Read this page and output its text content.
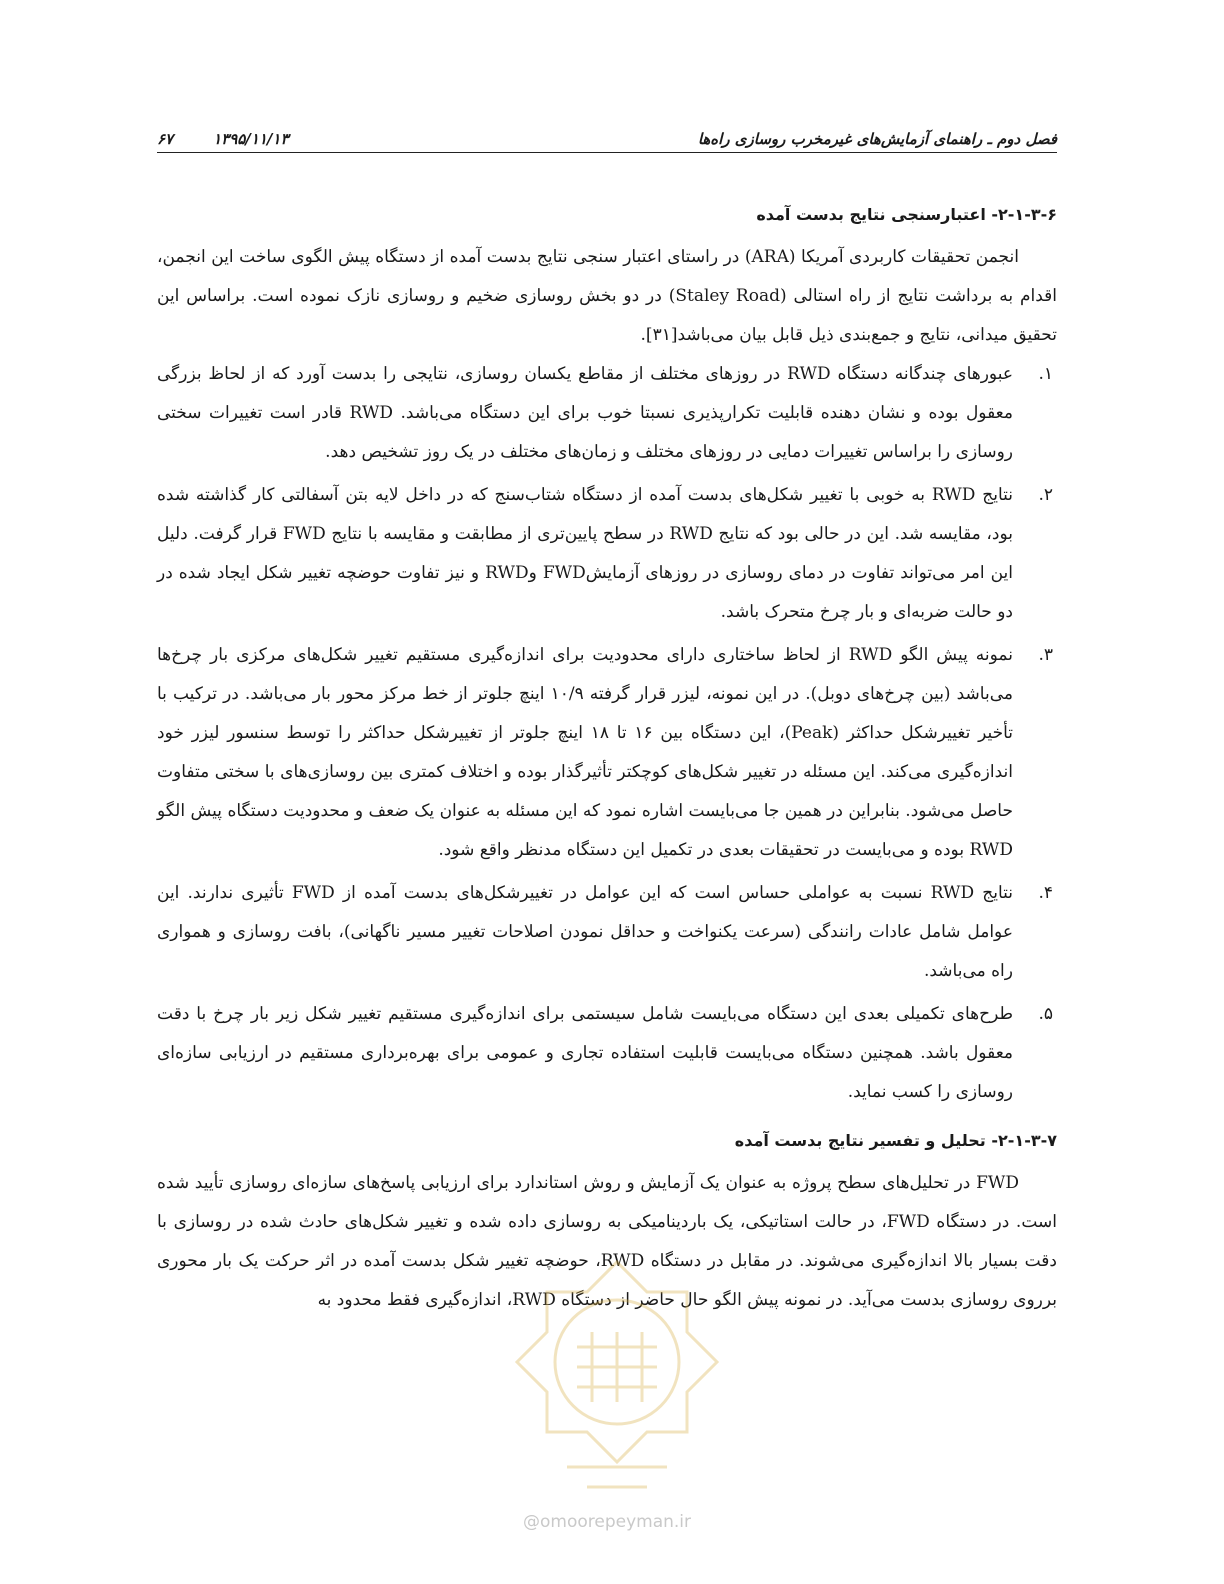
فصل دوم ـ راهنمای آزمایش‌های غیرمخرب روسازی راه‌ها
۱۳۹۵/۱۱/۱۳
۶۷
۲-۱-۳-۶- اعتبارسنجی نتایج بدست آمده

انجمن تحقیقات کاربردی آمریکا (ARA) در راستای اعتبار سنجی نتایج بدست آمده از دستگاه پیش الگوی ساخت این انجمن، اقدام به برداشت نتایج از راه استالی (Staley Road) در دو بخش روسازی ضخیم و روسازی نازک نموده است. براساس این تحقیق میدانی، نتایج و جمع‌بندی ذیل قابل بیان می‌باشد[۳۱].

۱.
عبورهای چندگانه دستگاه RWD در روزهای مختلف از مقاطع یکسان روسازی، نتایجی را بدست آورد که از لحاظ بزرگی معقول بوده و نشان دهنده قابلیت تکرارپذیری نسبتا خوب برای این دستگاه می‌باشد. RWD قادر است تغییرات سختی روسازی را براساس تغییرات دمایی در روزهای مختلف و زمان‌های مختلف در یک روز تشخیص دهد.
۲.
نتایج RWD به خوبی با تغییر شکل‌های بدست آمده از دستگاه شتاب‌سنج که در داخل لایه بتن آسفالتی کار گذاشته شده بود، مقایسه شد. این در حالی بود که نتایج RWD در سطح پایین‌تری از مطابقت و مقایسه با نتایج FWD قرار گرفت. دلیل این امر می‌تواند تفاوت در دمای روسازی در روزهای آزمایشFWD وRWD و نیز تفاوت حوضچه تغییر شکل ایجاد شده در دو حالت ضربه‌ای و بار چرخ متحرک باشد.
۳.
نمونه پیش الگو RWD از لحاظ ساختاری دارای محدودیت برای اندازه‌گیری مستقیم تغییر شکل‌های مرکزی بار چرخ‌ها می‌باشد (بین چرخ‌های دوبل). در این نمونه، لیزر قرار گرفته ۱۰/۹ اینچ جلوتر از خط مرکز محور بار می‌باشد. در ترکیب با تأخیر تغییرشکل حداکثر (Peak)، این دستگاه بین ۱۶ تا ۱۸ اینچ جلوتر از تغییرشکل حداکثر را توسط سنسور لیزر خود اندازه‌گیری می‌کند. این مسئله در تغییر شکل‌های کوچکتر تأثیرگذار بوده و اختلاف کمتری بین روسازی‌های با سختی متفاوت حاصل می‌شود. بنابراین در همین جا می‌بایست اشاره نمود که این مسئله به عنوان یک ضعف و محدودیت دستگاه پیش الگو RWD بوده و می‌بایست در تحقیقات بعدی در تکمیل این دستگاه مدنظر واقع شود.
۴.
نتایج RWD نسبت به عواملی حساس است که این عوامل در تغییرشکل‌های بدست آمده از FWD تأثیری ندارند. این عوامل شامل عادات رانندگی (سرعت یکنواخت و حداقل نمودن اصلاحات تغییر مسیر ناگهانی)، بافت روسازی و هموار‌ی راه می‌باشد.
۵.
طرح‌های تکمیلی بعدی این دستگاه می‌بایست شامل سیستمی برای اندازه‌گیری مستقیم تغییر شکل زیر بار چرخ با دقت معقول باشد. همچنین دستگاه می‌بایست قابلیت استفاده تجاری و عمومی برای بهره‌برداری مستقیم در ارزیابی سازه‌ای روسازی را کسب نماید.
۲-۱-۳-۷- تحلیل و تفسیر نتایج بدست آمده

FWD در تحلیل‌های سطح پروژه به عنوان یک آزمایش و روش استاندارد برای ارزیابی پاسخ‌های سازه‌ای روسازی تأیید شده است. در دستگاه FWD، در حالت استاتیکی، یک باردینامیکی به روسازی داده شده و تغییر شکل‌های حادث شده در روسازی با دقت بسیار بالا اندازه‌گیری می‌شوند. در مقابل در دستگاه RWD، حوضچه تغییر شکل بدست آمده در اثر حرکت یک بار محوری برروی روسازی بدست می‌آید. در نمونه پیش الگو حال حاضر از دستگاه RWD، اندازه‌گیری فقط محدود به

@omoorepeyman.ir
